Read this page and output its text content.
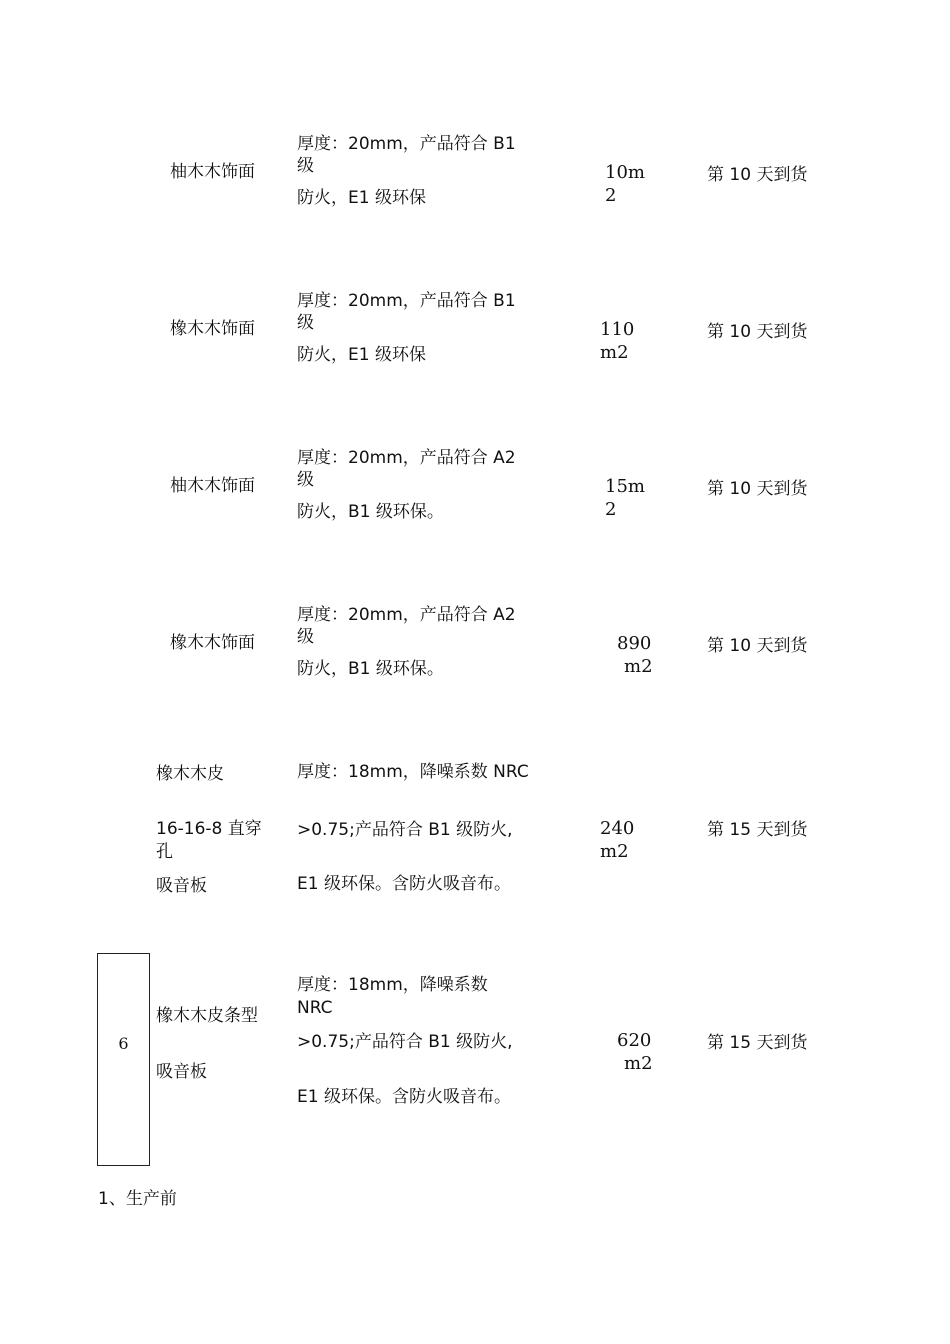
柚木木饰面
厚度：20mm，产品符合 B1
级
防火，E1 级环保
10m
2
第 10 天到货
橡木木饰面
厚度：20mm，产品符合 B1
级
防火，E1 级环保
110
m2
第 10 天到货
柚木木饰面
厚度：20mm，产品符合 A2
级
防火，B1 级环保。
15m
2
第 10 天到货
橡木木饰面
厚度：20mm，产品符合 A2
级
防火，B1 级环保。
890
m2
第 10 天到货
橡木木皮
16-16-8 直穿
孔
吸音板
厚度：18mm，降噪系数 NRC
>0.75;产品符合 B1 级防火,
E1 级环保。含防火吸音布。
240
m2
第 15 天到货
6
橡木木皮条型
吸音板
厚度：18mm，降噪系数
NRC
>0.75;产品符合 B1 级防火,
E1 级环保。含防火吸音布。
620
m2
第 15 天到货
1、生产前
